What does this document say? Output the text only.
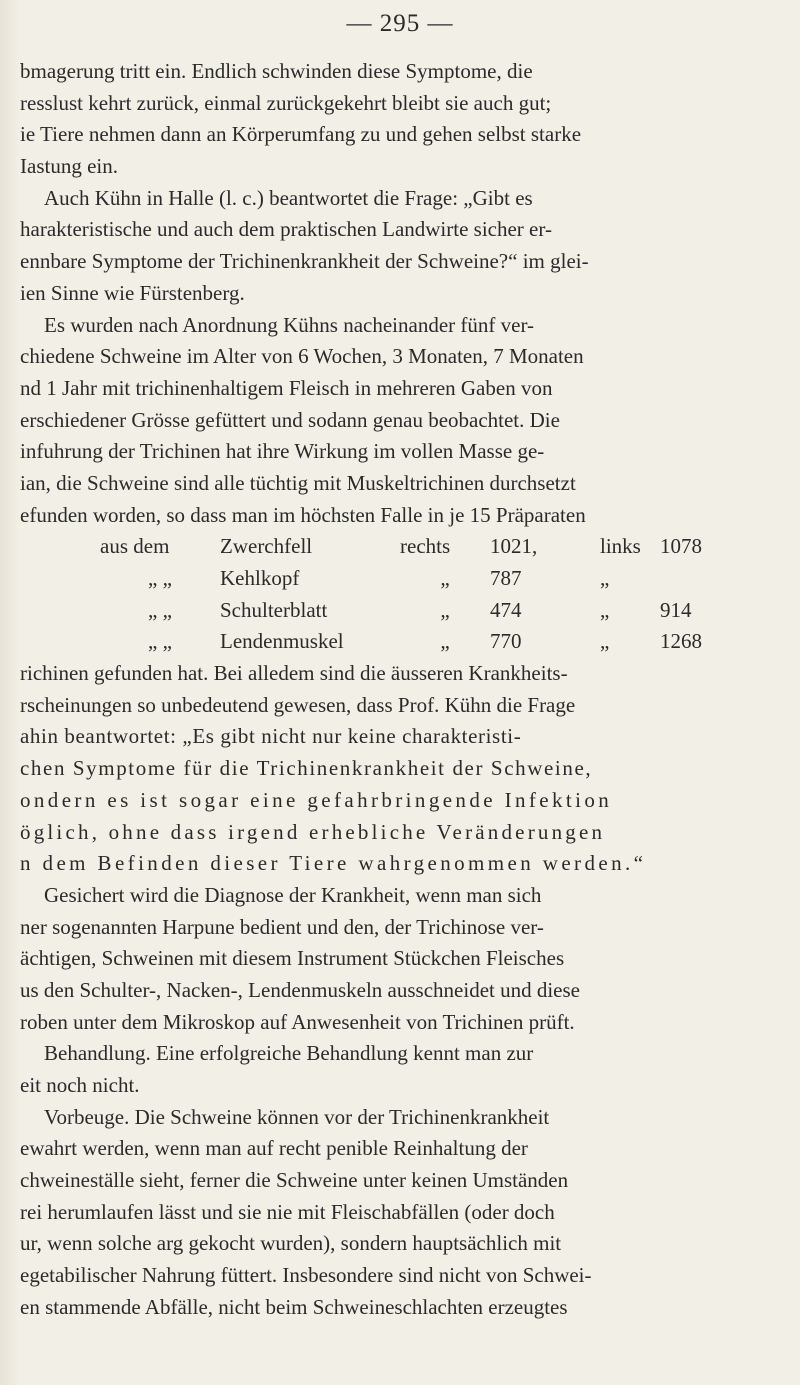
— 295 —
bmagerung tritt ein. Endlich schwinden diese Symptome, die
resslust kehrt zurück, einmal zurückgekehrt bleibt sie auch gut;
ie Tiere nehmen dann an Körperumfang zu und gehen selbst starke
Iastung ein.
Auch Kühn in Halle (l. c.) beantwortet die Frage: „Gibt es
harakteristische und auch dem praktischen Landwirte sicher er-
ennbare Symptome der Trichinenkrankheit der Schweine?“ im glei-
ien Sinne wie Fürstenberg.
Es wurden nach Anordnung Kühns nacheinander fünf ver-
chiedene Schweine im Alter von 6 Wochen, 3 Monaten, 7 Monaten
nd 1 Jahr mit trichinenhaltigem Fleisch in mehreren Gaben von
erschiedener Grösse gefüttert und sodann genau beobachtet. Die
infuhrung der Trichinen hat ihre Wirkung im vollen Masse ge-
ian, die Schweine sind alle tüchtig mit Muskeltrichinen durchsetzt
efunden worden, so dass man im höchsten Falle in je 15 Präparaten
aus dem	Zwerchfell	rechts	1021,	links 1078
„ „	Kehlkopf	„	787	„
„ „	Schulterblatt	„	474	„	914
„ „	Lendenmuskel	„	770	„	1268
richinen gefunden hat. Bei alledem sind die äusseren Krankheits-
rscheinungen so unbedeutend gewesen, dass Prof. Kühn die Frage
ahin beantwortet: „Es gibt nicht nur keine charakteristi-
chen Symptome für die Trichinenkrankheit der Schweine,
ondern es ist sogar eine gefahrbringende Infektion
öglich, ohne dass irgend erhebliche Veränderungen
n dem Befinden dieser Tiere wahrgenommen werden.“
Gesichert wird die Diagnose der Krankheit, wenn man sich
ner sogenannten Harpune bedient und den, der Trichinose ver-
ächtigen, Schweinen mit diesem Instrument Stückchen Fleisches
us den Schulter-, Nacken-, Lendenmuskeln ausschneidet und diese
roben unter dem Mikroskop auf Anwesenheit von Trichinen prüft.
Behandlung. Eine erfolgreiche Behandlung kennt man zur
eit noch nicht.
Vorbeuge. Die Schweine können vor der Trichinenkrankheit
ewahrt werden, wenn man auf recht penible Reinhaltung der
chweineställe sieht, ferner die Schweine unter keinen Umständen
rei herumlaufen lässt und sie nie mit Fleischabfällen (oder doch
ur, wenn solche arg gekocht wurden), sondern hauptsächlich mit
egetabilischer Nahrung füttert. Insbesondere sind nicht von Schwei-
en stammende Abfälle, nicht beim Schweineschlachten erzeugtes
